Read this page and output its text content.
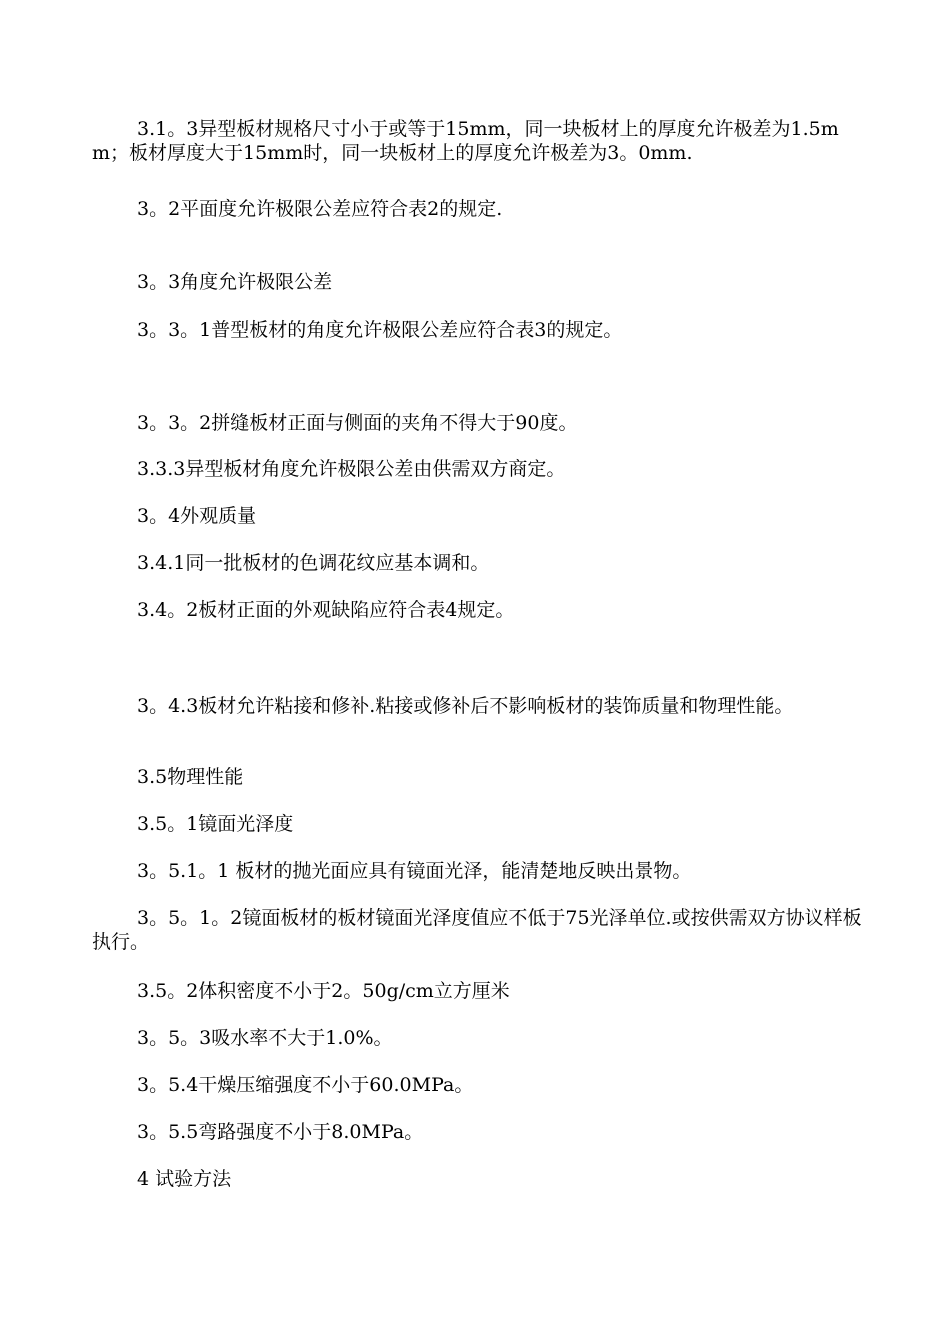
3.1。3异型板材规格尺寸小于或等于15mm，同一块板材上的厚度允许极差为1.5mm；板材厚度大于15mm时，同一块板材上的厚度允许极差为3。0mm.

3。2平面度允许极限公差应符合表2的规定.

3。3角度允许极限公差

3。3。1普型板材的角度允许极限公差应符合表3的规定。

3。3。2拼缝板材正面与侧面的夹角不得大于90度。

3.3.3异型板材角度允许极限公差由供需双方商定。

3。4外观质量

3.4.1同一批板材的色调花纹应基本调和。

3.4。2板材正面的外观缺陷应符合表4规定。

3。4.3板材允许粘接和修补.粘接或修补后不影响板材的装饰质量和物理性能。

3.5物理性能

3.5。1镜面光泽度

3。5.1。1 板材的抛光面应具有镜面光泽，能清楚地反映出景物。

3。5。1。2镜面板材的板材镜面光泽度值应不低于75光泽单位.或按供需双方协议样板执行。

3.5。2体积密度不小于2。50g/cm立方厘米

3。5。3吸水率不大于1.0%。

3。5.4干燥压缩强度不小于60.0MPa。

3。5.5弯路强度不小于8.0MPa。

4 试验方法
